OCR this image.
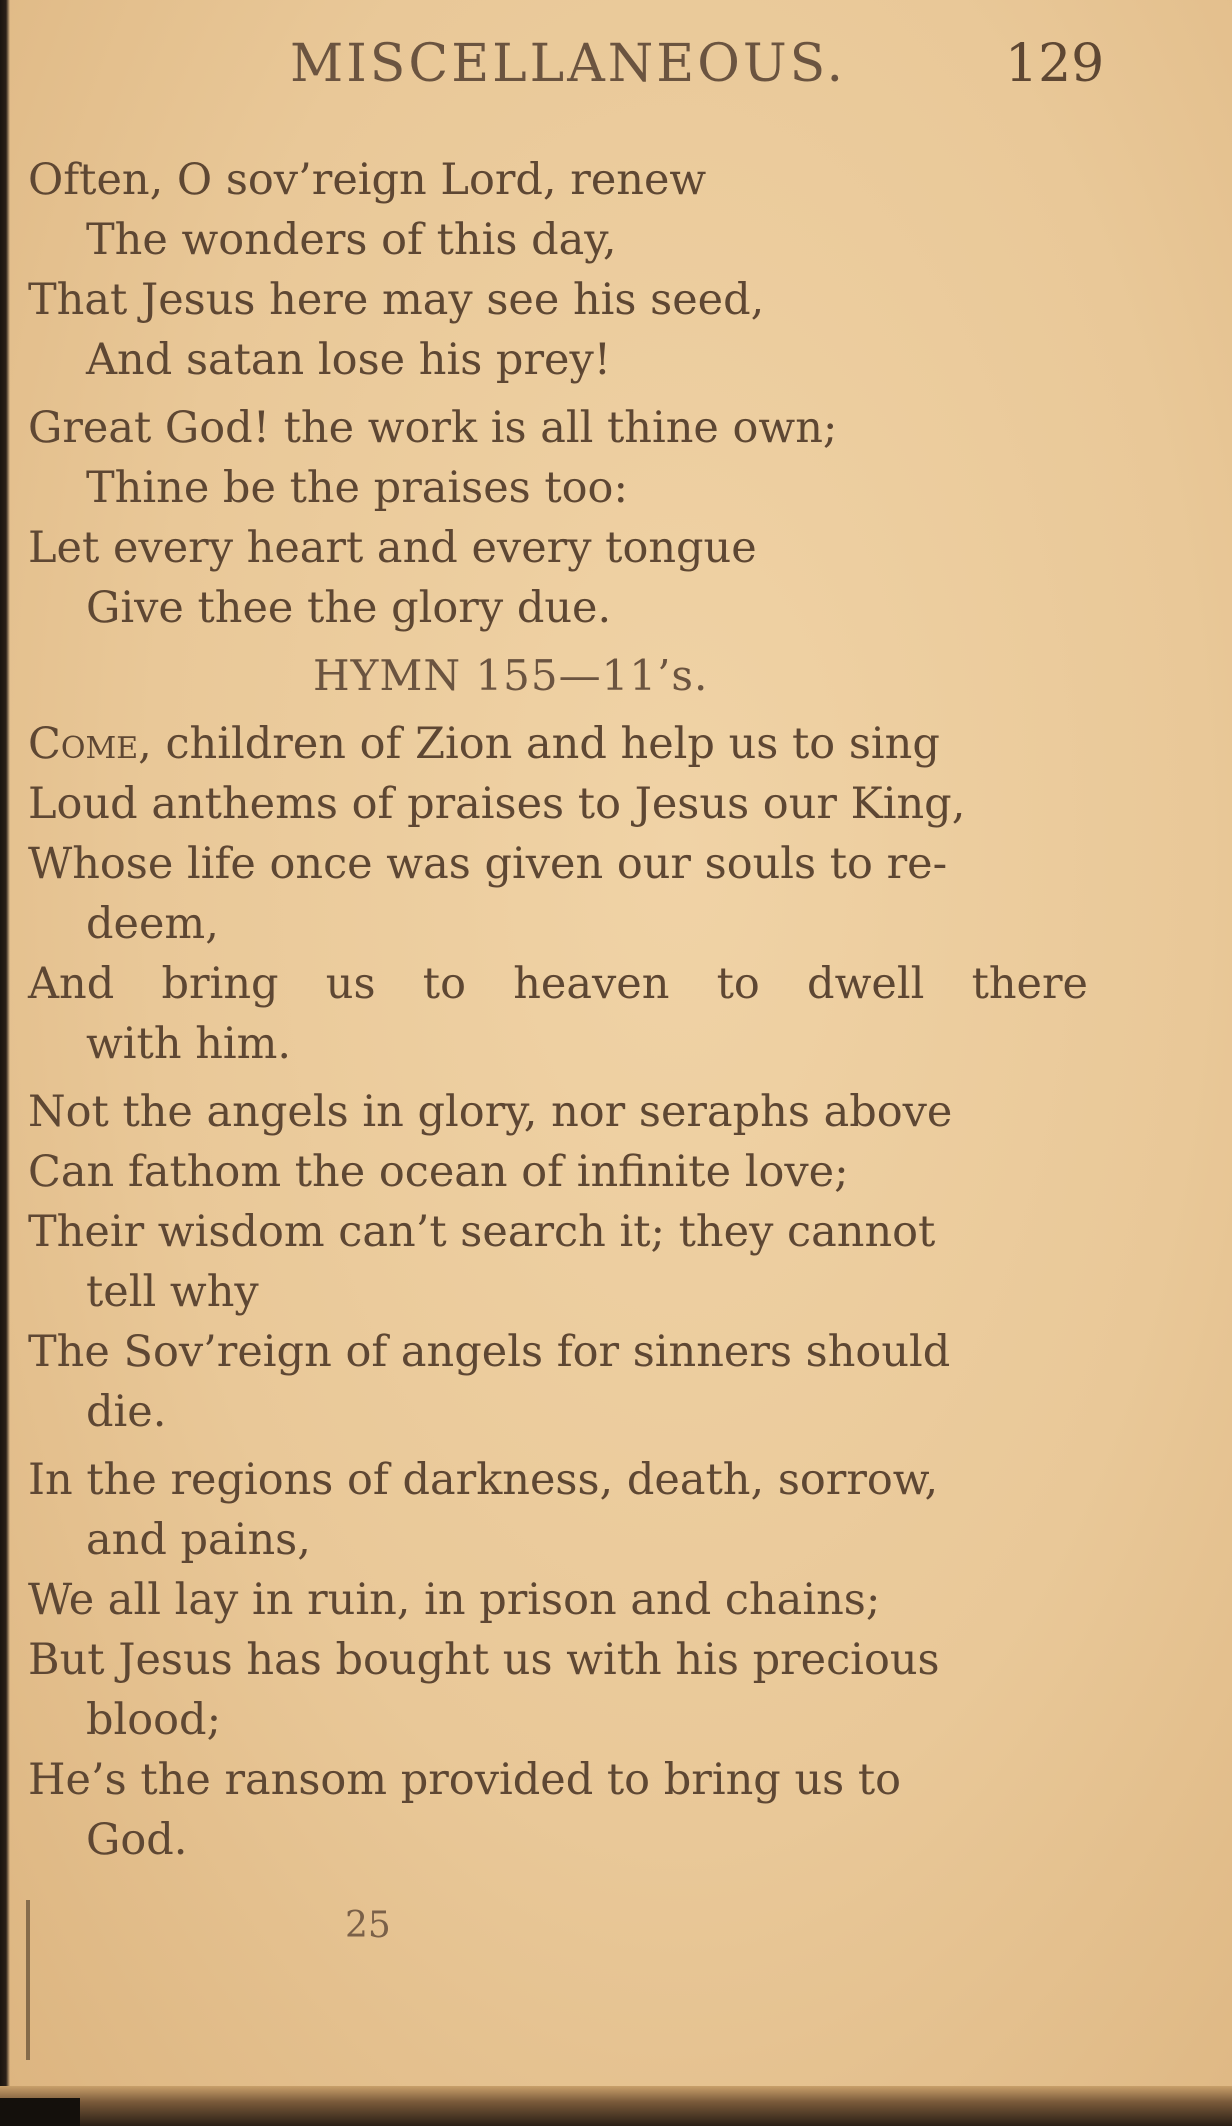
MISCELLANEOUS.	129
Often, O sov’reign Lord, renew
The wonders of this day,
That Jesus here may see his seed,
And satan lose his prey!
Great God! the work is all thine own;
Thine be the praises too:
Let every heart and every tongue
Give thee the glory due.
HYMN 155—11’s.
Come, children of Zion and help us to sing
Loud anthems of praises to Jesus our King,
Whose life once was given our souls to re-
deem,
And bring us to heaven to dwell there
with him.
Not the angels in glory, nor seraphs above
Can fathom the ocean of infinite love;
Their wisdom can’t search it; they cannot
tell why
The Sov’reign of angels for sinners should
die.
In the regions of darkness, death, sorrow,
and pains,
We all lay in ruin, in prison and chains;
But Jesus has bought us with his precious
blood;
He’s the ransom provided to bring us to
God.
25
